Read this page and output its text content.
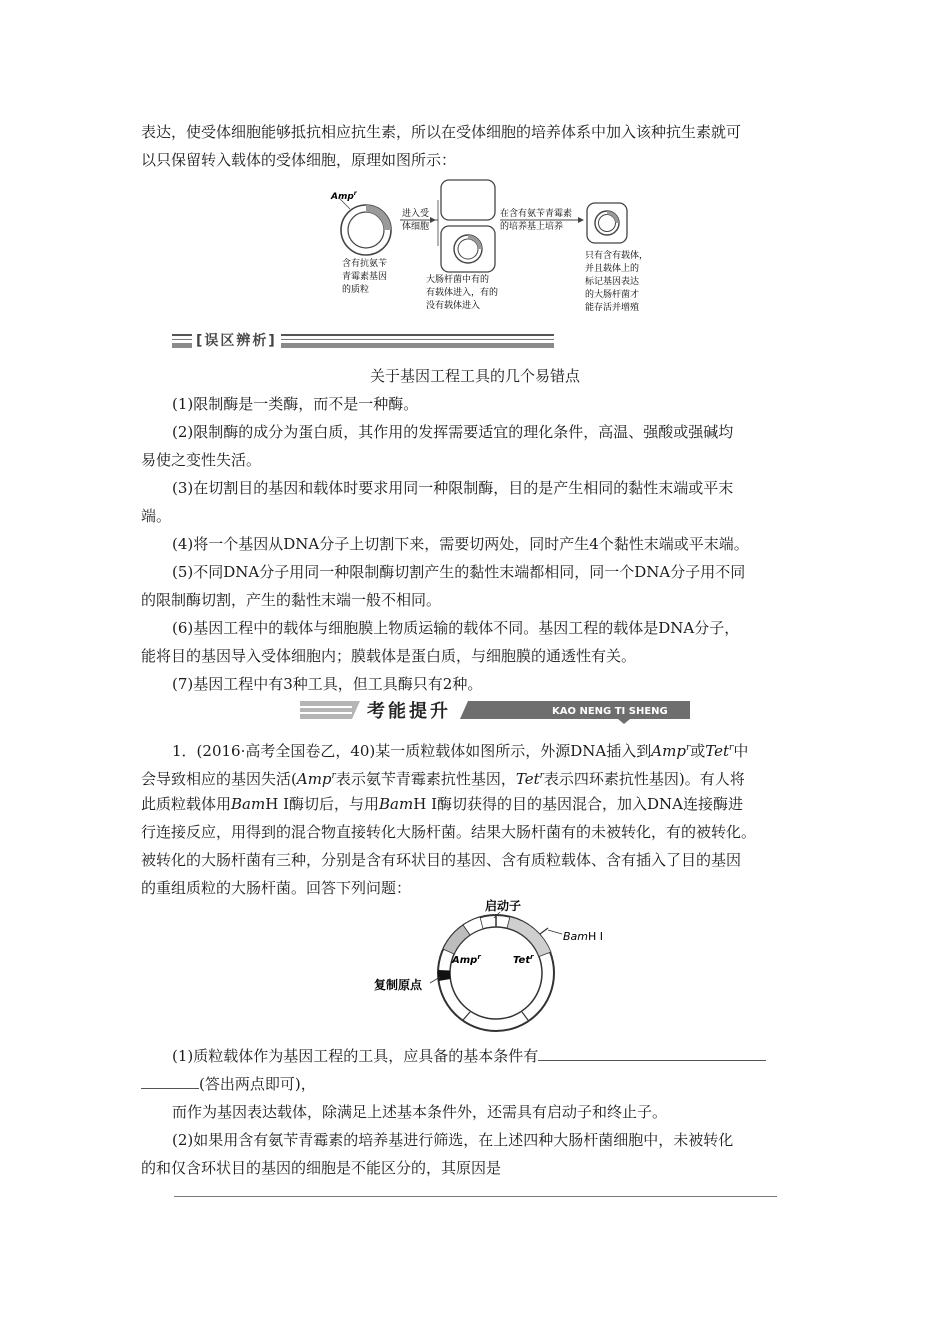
表达，使受体细胞能够抵抗相应抗生素，所以在受体细胞的培养体系中加入该种抗生素就可

以只保留转入载体的受体细胞，原理如图所示：

Amp$^r$
含有抗氨苄
青霉素基因
的质粒
进入受
体细胞
大肠杆菌中有的
有载体进入，有的
没有载体进入
在含有氨苄青霉素
的培养基上培养
只有含有载体，
并且载体上的
标记基因表达
的大肠杆菌才
能存活并增殖
[误区辨析]

关于基因工程工具的几个易错点

(1)限制酶是一类酶，而不是一种酶。

(2)限制酶的成分为蛋白质，其作用的发挥需要适宜的理化条件，高温、强酸或强碱均

易使之变性失活。

(3)在切割目的基因和载体时要求用同一种限制酶，目的是产生相同的黏性末端或平末

端。

(4)将一个基因从DNA分子上切割下来，需要切两处，同时产生4个黏性末端或平末端。

(5)不同DNA分子用同一种限制酶切割产生的黏性末端都相同，同一个DNA分子用不同

的限制酶切割，产生的黏性末端一般不相同。

(6)基因工程中的载体与细胞膜上物质运输的载体不同。基因工程的载体是DNA分子，

能将目的基因导入受体细胞内；膜载体是蛋白质，与细胞膜的通透性有关。

(7)基因工程中有3种工具，但工具酶只有2种。

考能提升	KAO NENG TI SHENG

1．(2016·高考全国卷乙，40)某一质粒载体如图所示，外源DNA插入到Amp$^r$或Tet$^r$中

会导致相应的基因失活(Amp$^r$表示氨苄青霉素抗性基因，Tet$^r$表示四环素抗性基因)。有人将

此质粒载体用BamH Ⅰ酶切后，与用BamH Ⅰ酶切获得的目的基因混合，加入DNA连接酶进

行连接反应，用得到的混合物直接转化大肠杆菌。结果大肠杆菌有的未被转化，有的被转化。

被转化的大肠杆菌有三种，分别是含有环状目的基因、含有质粒载体、含有插入了目的基因

的重组质粒的大肠杆菌。回答下列问题：

启动子
BamH Ⅰ
Amp$^r$	Tet$^r$
复制原点

(1)质粒载体作为基因工程的工具，应具备的基本条件有

(答出两点即可)，

而作为基因表达载体，除满足上述基本条件外，还需具有启动子和终止子。

(2)如果用含有氨苄青霉素的培养基进行筛选，在上述四种大肠杆菌细胞中，未被转化

的和仅含环状目的基因的细胞是不能区分的，其原因是
